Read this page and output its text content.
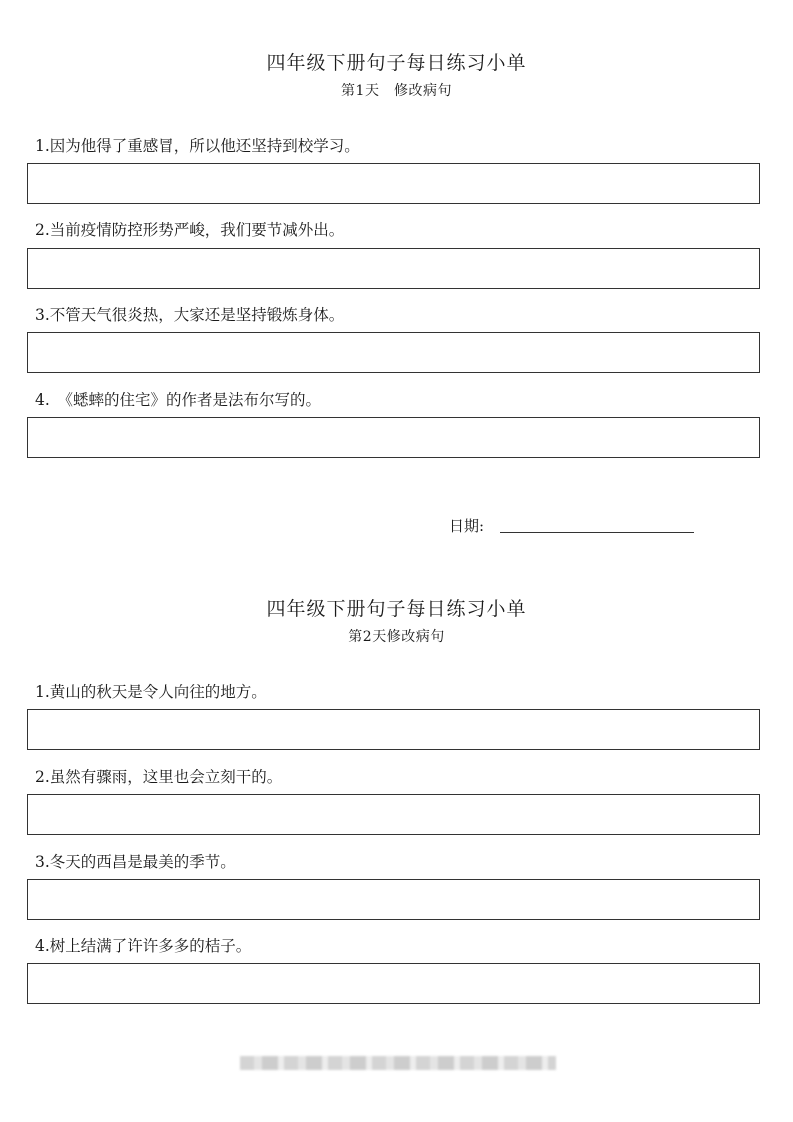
四年级下册句子每日练习小单
第1天　修改病句
1.因为他得了重感冒，所以他还坚持到校学习。
2.当前疫情防控形势严峻，我们要节减外出。
3.不管天气很炎热，大家还是坚持锻炼身体。
4.　《蟋蟀的住宅》的作者是法布尔写的。
日期:
四年级下册句子每日练习小单
第2天修改病句
1.黄山的秋天是令人向往的地方。
2.虽然有骤雨，这里也会立刻干的。
3.冬天的西昌是最美的季节。
4.树上结满了许许多多的桔子。
